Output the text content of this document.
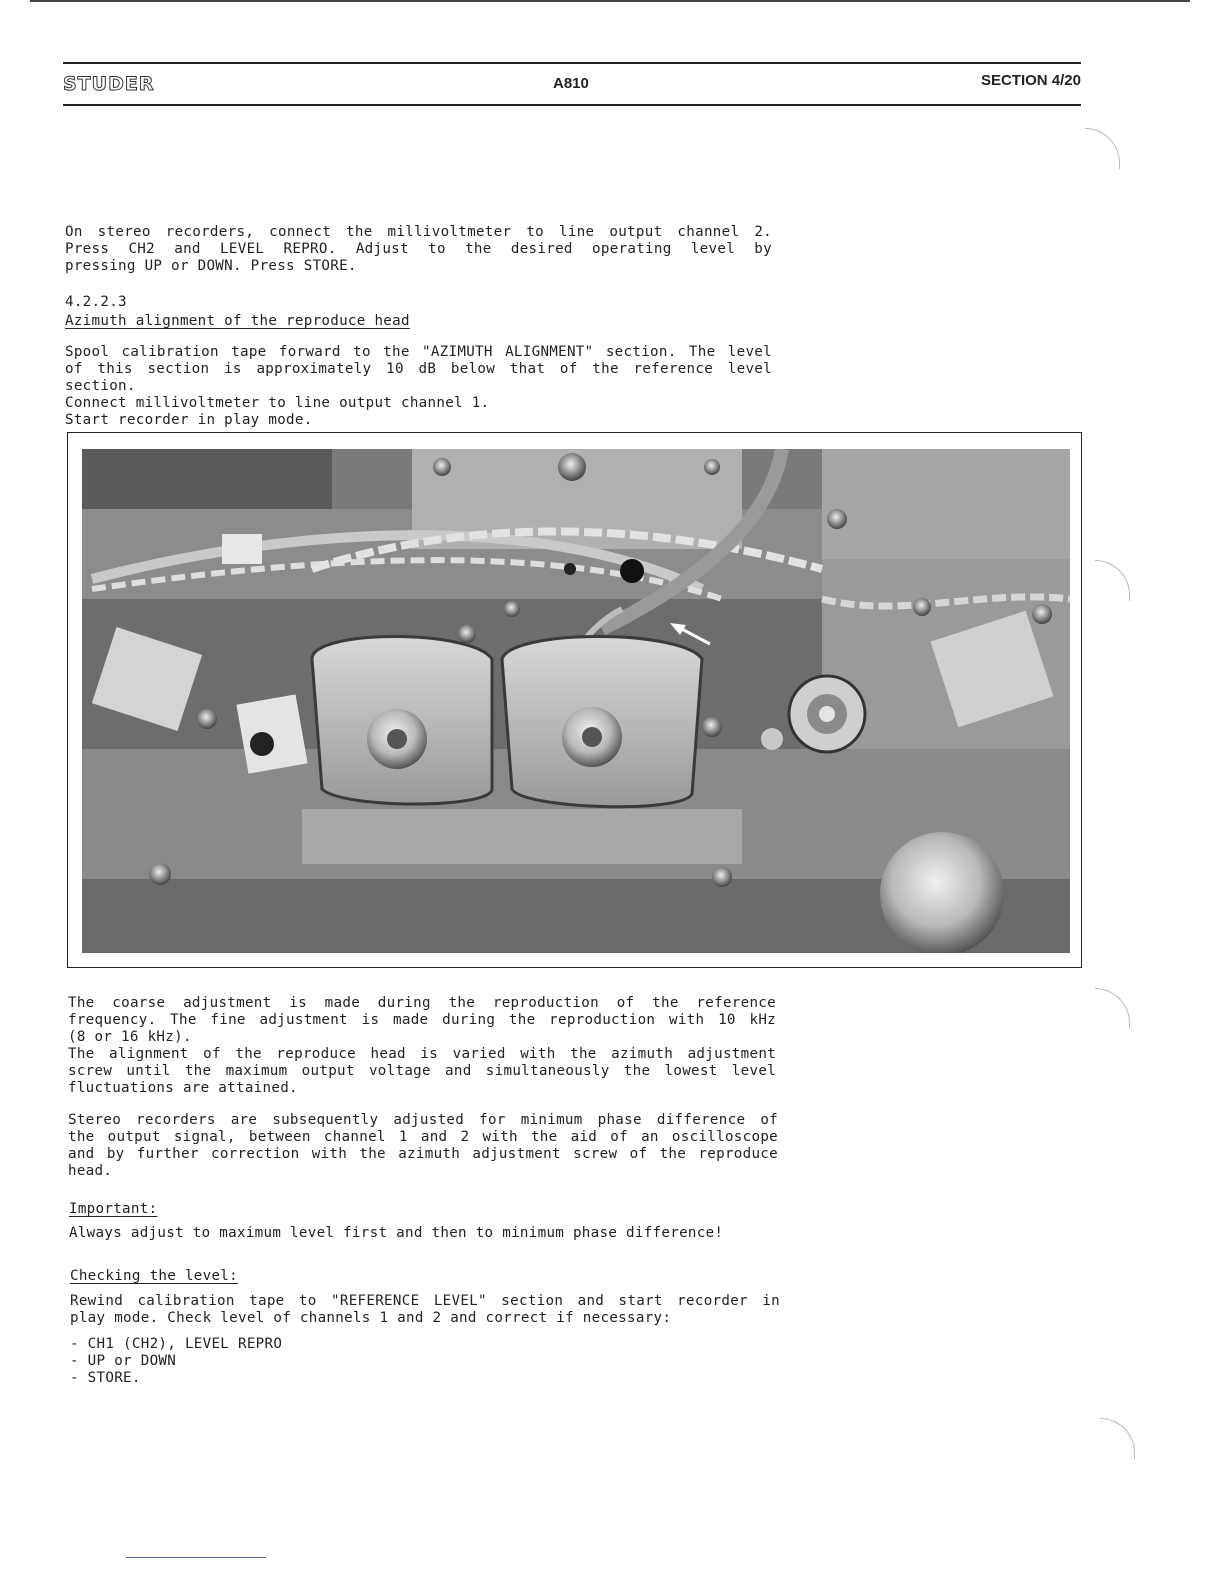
STUDER	A810	SECTION 4/20
On stereo recorders, connect the millivoltmeter to line output channel 2.
Press CH2 and LEVEL REPRO. Adjust to the desired operating level by
pressing UP or DOWN. Press STORE.
4.2.2.3
Azimuth alignment of the reproduce head
Spool calibration tape forward to the "AZIMUTH ALIGNMENT" section. The level
of this section is approximately 10 dB below that of the reference level
section.
Connect millivoltmeter to line output channel 1.
Start recorder in play mode.
The coarse adjustment is made during the reproduction of the reference
frequency. The fine adjustment is made during the reproduction with 10 kHz
(8 or 16 kHz).
The alignment of the reproduce head is varied with the azimuth adjustment
screw until the maximum output voltage and simultaneously the lowest level
fluctuations are attained.
Stereo recorders are subsequently adjusted for minimum phase difference of
the output signal, between channel 1 and 2 with the aid of an oscilloscope
and by further correction with the azimuth adjustment screw of the reproduce
head.
Important:
Always adjust to maximum level first and then to minimum phase difference!
Checking the level:
Rewind calibration tape to "REFERENCE LEVEL" section and start recorder in
play mode. Check level of channels 1 and 2 and correct if necessary:
- CH1 (CH2), LEVEL REPRO
- UP or DOWN
- STORE.
